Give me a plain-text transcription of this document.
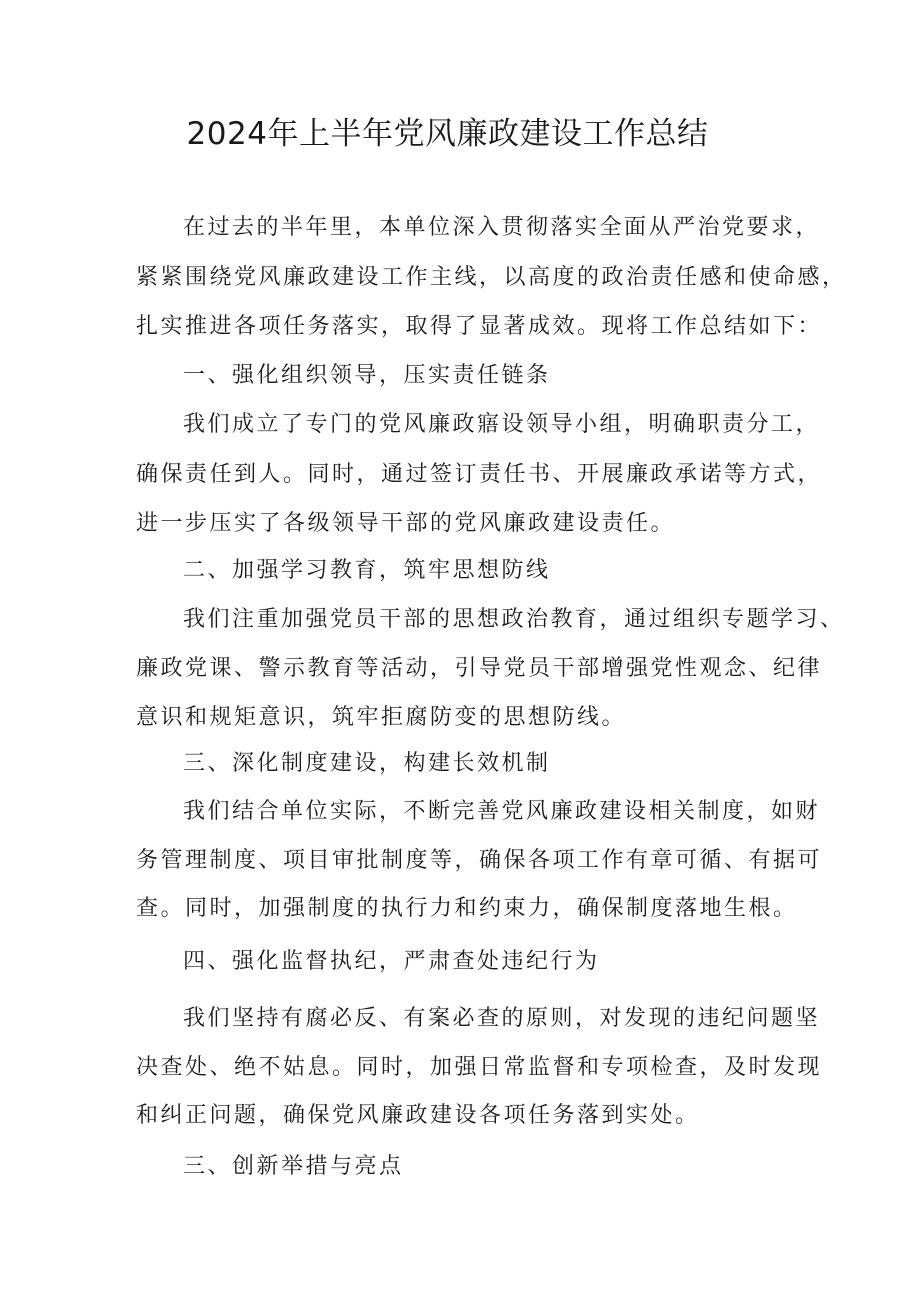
2024年上半年党风廉政建设工作总结

在过去的半年里，本单位深入贯彻落实全面从严治党要求，

紧紧围绕党风廉政建设工作主线，以高度的政治责任感和使命感，

扎实推进各项任务落实，取得了显著成效。现将工作总结如下：

一、强化组织领导，压实责任链条

我们成立了专门的党风廉政寤设领导小组，明确职责分工，

确保责任到人。同时，通过签订责任书、开展廉政承诺等方式，

进一步压实了各级领导干部的党风廉政建设责任。

二、加强学习教育，筑牢思想防线

我们注重加强党员干部的思想政治教育，通过组织专题学习、

廉政党课、警示教育等活动，引导党员干部增强党性观念、纪律

意识和规矩意识，筑牢拒腐防变的思想防线。

三、深化制度建设，构建长效机制

我们结合单位实际，不断完善党风廉政建设相关制度，如财

务管理制度、项目审批制度等，确保各项工作有章可循、有据可

查。同时，加强制度的执行力和约束力，确保制度落地生根。

四、强化监督执纪，严肃查处违纪行为

我们坚持有腐必反、有案必查的原则，对发现的违纪问题坚

决查处、绝不姑息。同时，加强日常监督和专项检查，及时发现

和纠正问题，确保党风廉政建设各项任务落到实处。

三、创新举措与亮点
